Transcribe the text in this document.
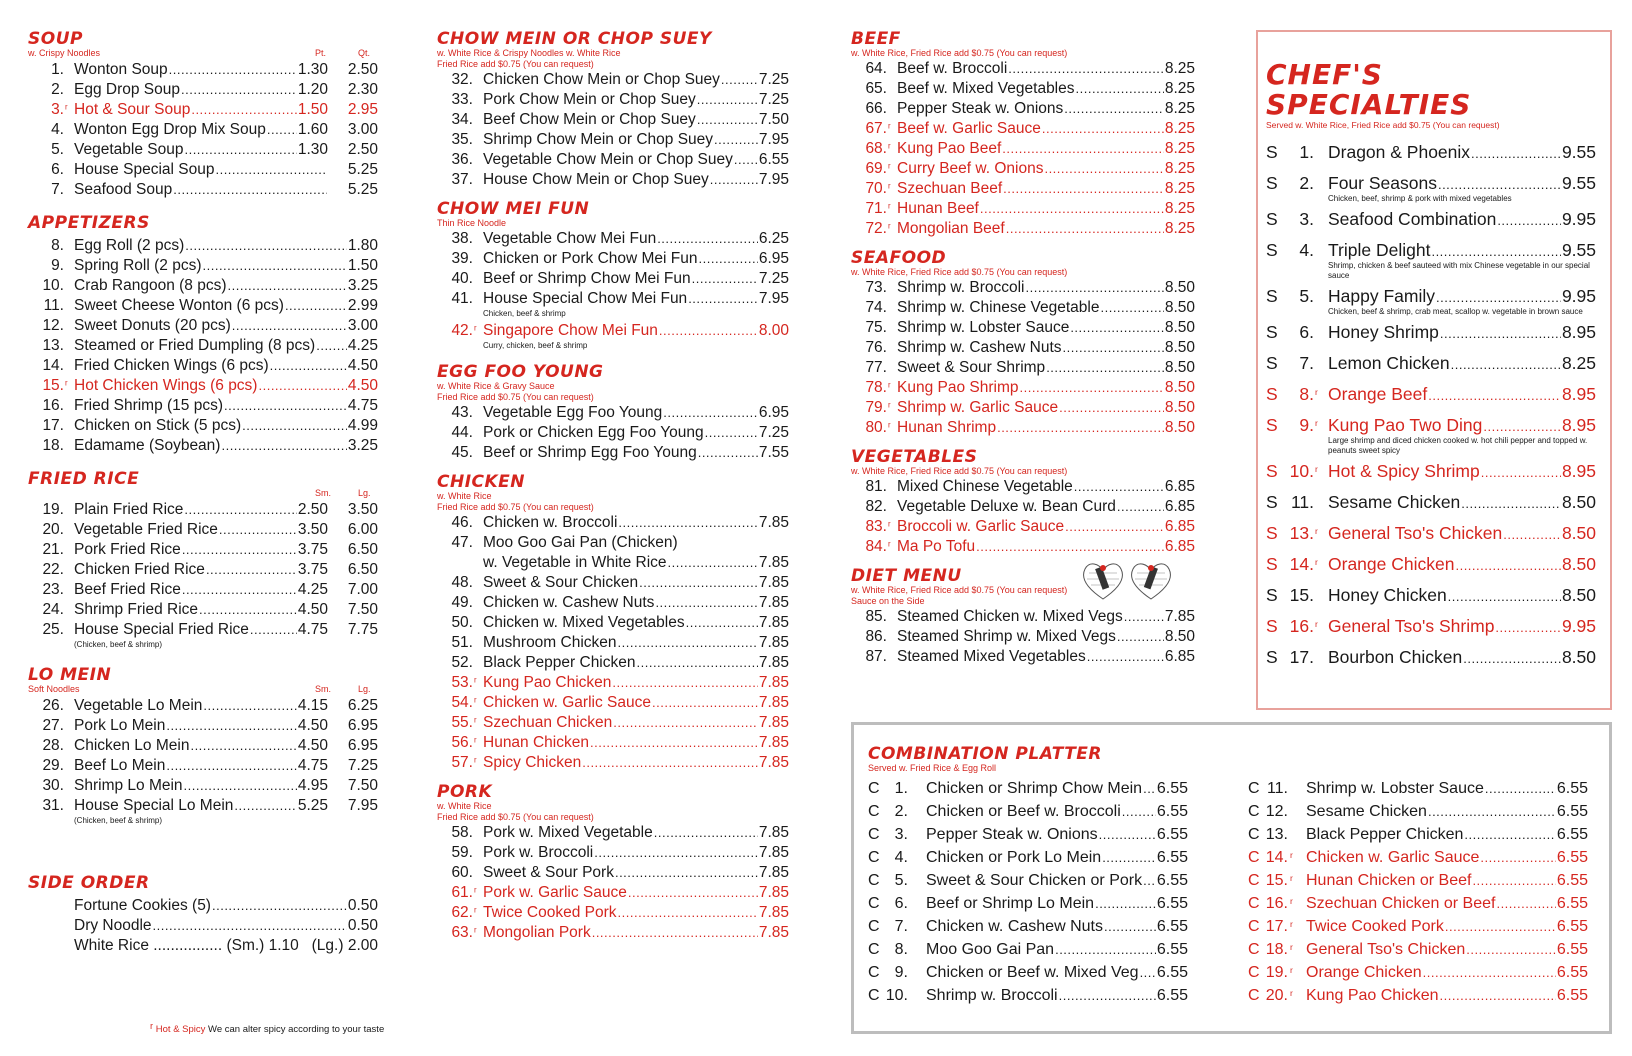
SOUP
w. Crispy Noodles	Pt.	Qt.
1. Wonton Soup .....	1.30 2.50
2. Egg Drop Soup .....	1.20 2.30
3. ʳ Hot & Sour Soup .....	1.50 2.95
4. Wonton Egg Drop Mix Soup ..... 1.60 3.00
5. Vegetable Soup .....	1.30 2.50
6. House Special Soup .....	5.25
7. Seafood Soup .....	5.25
APPETIZERS
8. Egg Roll (2 pcs) .....	1.80
9. Spring Roll (2 pcs) .....	1.50
10. Crab Rangoon (8 pcs) .....	3.25
11. Sweet Cheese Wonton (6 pcs) .....	2.99
12. Sweet Donuts (20 pcs) .....	3.00
13. Steamed or Fried Dumpling (8 pcs) ..... 4.25
14. Fried Chicken Wings (6 pcs) .....	4.50
15. ʳ Hot Chicken Wings (6 pcs) .....	4.50
16. Fried Shrimp (15 pcs) .....	4.75
17. Chicken on Stick (5 pcs) .....	4.99
18. Edamame (Soybean) .....	3.25
FRIED RICE
Sm.	Lg.
19. Plain Fried Rice .....	2.50 3.50
20. Vegetable Fried Rice .....	3.50 6.00
21. Pork Fried Rice .....	3.75 6.50
22. Chicken Fried Rice .....	3.75 6.50
23. Beef Fried Rice .....	4.25 7.00
24. Shrimp Fried Rice .....	4.50 7.50
25. House Special Fried Rice .....	4.75 7.75
(Chicken, beef & shrimp)
LO MEIN
Soft Noodles	Sm.	Lg.
26. Vegetable Lo Mein .....	4.15 6.25
27. Pork Lo Mein .....	4.50 6.95
28. Chicken Lo Mein .....	4.50 6.95
29. Beef Lo Mein .....	4.75 7.25
30. Shrimp Lo Mein .....	4.95 7.50
31. House Special Lo Mein .....	5.25 7.95
(Chicken, beef & shrimp)
SIDE ORDER
Fortune Cookies (5) .....	0.50
Dry Noodle .....	0.50
White Rice ................ (Sm.) 1.10 (Lg.) 2.00
ʳ Hot & Spicy We can alter spicy according to your taste
CHOW MEIN OR CHOP SUEY
w. White Rice & Crispy Noodles w. White Rice
Fried Rice add $0.75 (You can request)
32. Chicken Chow Mein or Chop Suey .....	7.25
33. Pork Chow Mein or Chop Suey .....	7.25
34. Beef Chow Mein or Chop Suey .....	7.50
35. Shrimp Chow Mein or Chop Suey .....	7.95
36. Vegetable Chow Mein or Chop Suey ..... 6.55
37. House Chow Mein or Chop Suey .....	7.95
CHOW MEI FUN
Thin Rice Noodle
38. Vegetable Chow Mei Fun .....	6.25
39. Chicken or Pork Chow Mei Fun .....	6.95
40. Beef or Shrimp Chow Mei Fun .....	7.25
41. House Special Chow Mei Fun .....	7.95
Chicken, beef & shrimp
42. ʳ Singapore Chow Mei Fun .....	8.00
Curry, chicken, beef & shrimp
EGG FOO YOUNG
w. White Rice & Gravy Sauce
Fried Rice add $0.75 (You can request)
43. Vegetable Egg Foo Young .....	6.95
44. Pork or Chicken Egg Foo Young .....	7.25
45. Beef or Shrimp Egg Foo Young .....	7.55
CHICKEN
w. White Rice
Fried Rice add $0.75 (You can request)
46. Chicken w. Broccoli .....	7.85
47. Moo Goo Gai Pan (Chicken)
w. Vegetable in White Rice .....	7.85
48. Sweet & Sour Chicken .....	7.85
49. Chicken w. Cashew Nuts .....	7.85
50. Chicken w. Mixed Vegetables .....	7.85
51. Mushroom Chicken .....	7.85
52. Black Pepper Chicken .....	7.85
53. ʳ Kung Pao Chicken .....	7.85
54. ʳ Chicken w. Garlic Sauce .....	7.85
55. ʳ Szechuan Chicken .....	7.85
56. ʳ Hunan Chicken .....	7.85
57. ʳ Spicy Chicken .....	7.85
PORK
w. White Rice
Fried Rice add $0.75 (You can request)
58. Pork w. Mixed Vegetable .....	7.85
59. Pork w. Broccoli .....	7.85
60. Sweet & Sour Pork .....	7.85
61. ʳ Pork w. Garlic Sauce .....	7.85
62. ʳ Twice Cooked Pork .....	7.85
63. ʳ Mongolian Pork .....	7.85
BEEF
w. White Rice, Fried Rice add $0.75 (You can request)
64. Beef w. Broccoli .....	8.25
65. Beef w. Mixed Vegetables .....	8.25
66. Pepper Steak w. Onions .....	8.25
67. ʳ Beef w. Garlic Sauce .....	8.25
68. ʳ Kung Pao Beef .....	8.25
69. ʳ Curry Beef w. Onions .....	8.25
70. ʳ Szechuan Beef .....	8.25
71. ʳ Hunan Beef .....	8.25
72. ʳ Mongolian Beef .....	8.25
SEAFOOD
w. White Rice, Fried Rice add $0.75 (You can request)
73. Shrimp w. Broccoli .....	8.50
74. Shrimp w. Chinese Vegetable .....	8.50
75. Shrimp w. Lobster Sauce .....	8.50
76. Shrimp w. Cashew Nuts .....	8.50
77. Sweet & Sour Shrimp .....	8.50
78. ʳ Kung Pao Shrimp .....	8.50
79. ʳ Shrimp w. Garlic Sauce .....	8.50
80. ʳ Hunan Shrimp .....	8.50
VEGETABLES
w. White Rice, Fried Rice add $0.75 (You can request)
81. Mixed Chinese Vegetable .....	6.85
82. Vegetable Deluxe w. Bean Curd .....	6.85
83. ʳ Broccoli w. Garlic Sauce .....	6.85
84. ʳ Ma Po Tofu .....	6.85
DIET MENU
w. White Rice, Fried Rice add $0.75 (You can request)
Sauce on the Side
85. Steamed Chicken w. Mixed Vegs .....	7.85
86. Steamed Shrimp w. Mixed Vegs .....	8.50
87. Steamed Mixed Vegetables .....	6.85
CHEF'S SPECIALTIES
Served w. White Rice, Fried Rice add $0.75 (You can request)
S	1. Dragon & Phoenix .....	9.55
S	2. Four Seasons .....	9.55
Chicken, beef, shrimp & pork with mixed vegetables
S	3. Seafood Combination .....	9.95
S	4. Triple Delight .....	9.55
Shrimp, chicken & beef sauteed with mix Chinese vegetable in our special sauce
S	5. Happy Family .....	9.95
Chicken, beef & shrimp, crab meat, scallop w. vegetable in brown sauce
S	6. Honey Shrimp .....	8.95
S	7. Lemon Chicken .....	8.25
S	8. ʳ Orange Beef .....	8.95
S	9. ʳ Kung Pao Two Ding .....	8.95
Large shrimp and diced chicken cooked w. hot chili pepper and topped w. peanuts sweet spicy
S 10. ʳ Hot & Spicy Shrimp .....	8.95
S 11. Sesame Chicken .....	8.50
S 13. ʳ General Tso's Chicken .....	8.50
S 14. ʳ Orange Chicken .....	8.50
S 15. Honey Chicken .....	8.50
S 16. ʳ General Tso's Shrimp .....	9.95
S 17. Bourbon Chicken .....	8.50
COMBINATION PLATTER
Served w. Fried Rice & Egg Roll
C 1. Chicken or Shrimp Chow Mein ..... 6.55
C 2. Chicken or Beef w. Broccoli ..... 6.55
C 3. Pepper Steak w. Onions .....	6.55
C 4. Chicken or Pork Lo Mein .....	6.55
C 5. Sweet & Sour Chicken or Pork ..... 6.55
C 6. Beef or Shrimp Lo Mein .....	6.55
C 7. Chicken w. Cashew Nuts .....	6.55
C 8. Moo Goo Gai Pan .....	6.55
C 9. Chicken or Beef w. Mixed Veg ..... 6.55
C 10. Shrimp w. Broccoli .....	6.55
C 11. Shrimp w. Lobster Sauce .....	6.55
C 12. Sesame Chicken .....	6.55
C 13. Black Pepper Chicken .....	6.55
C 14. ʳ Chicken w. Garlic Sauce .....	6.55
C 15. ʳ Hunan Chicken or Beef .....	6.55
C 16. ʳ Szechuan Chicken or Beef .....	6.55
C 17. ʳ Twice Cooked Pork .....	6.55
C 18. ʳ General Tso's Chicken .....	6.55
C 19. ʳ Orange Chicken .....	6.55
C 20. ʳ Kung Pao Chicken .....	6.55
